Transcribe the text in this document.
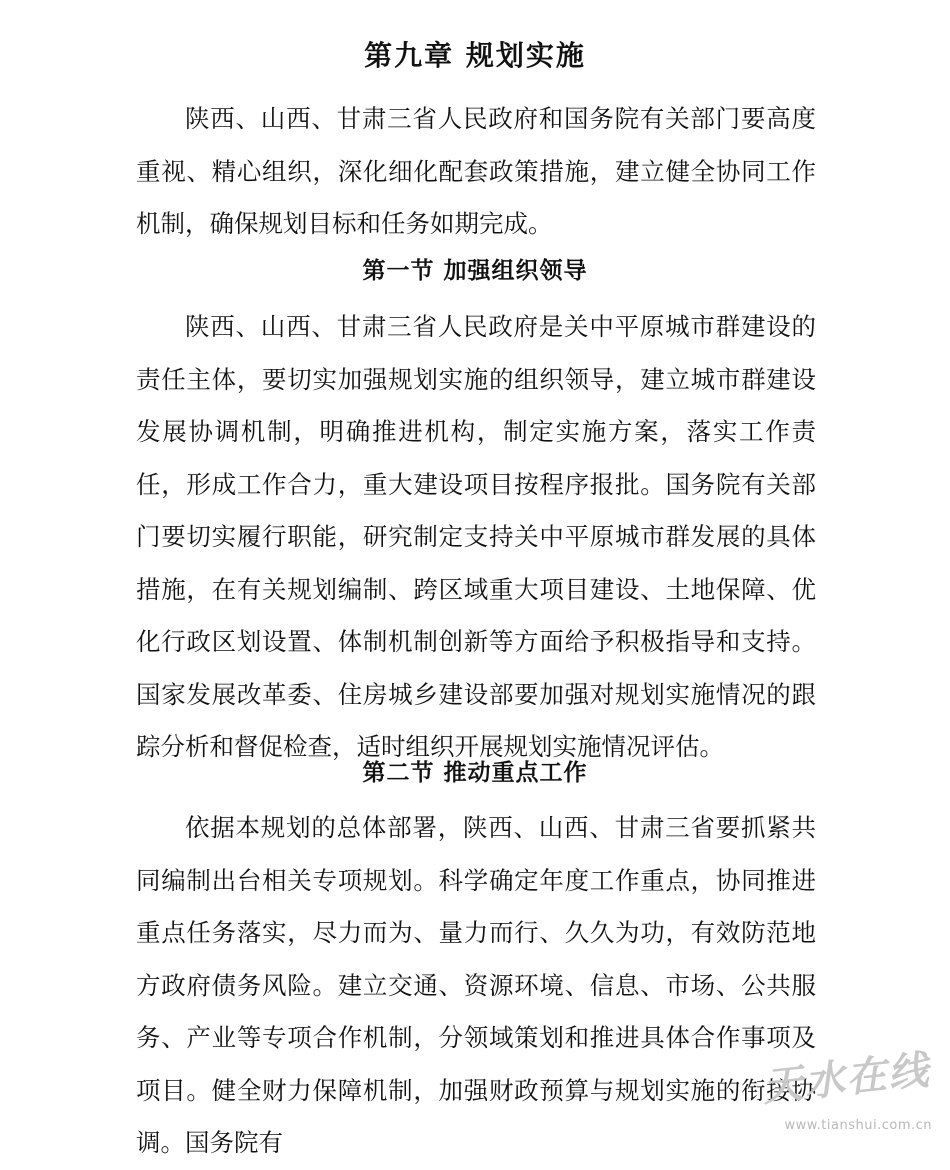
第九章 规划实施

陕西、山西、甘肃三省人民政府和国务院有关部门要高度重视、精心组织，深化细化配套政策措施，建立健全协同工作机制，确保规划目标和任务如期完成。

第一节 加强组织领导

陕西、山西、甘肃三省人民政府是关中平原城市群建设的责任主体，要切实加强规划实施的组织领导，建立城市群建设发展协调机制，明确推进机构，制定实施方案，落实工作责任，形成工作合力，重大建设项目按程序报批。国务院有关部门要切实履行职能，研究制定支持关中平原城市群发展的具体措施，在有关规划编制、跨区域重大项目建设、土地保障、优化行政区划设置、体制机制创新等方面给予积极指导和支持。国家发展改革委、住房城乡建设部要加强对规划实施情况的跟踪分析和督促检查，适时组织开展规划实施情况评估。

第二节 推动重点工作

依据本规划的总体部署，陕西、山西、甘肃三省要抓紧共同编制出台相关专项规划。科学确定年度工作重点，协同推进重点任务落实，尽力而为、量力而行、久久为功，有效防范地方政府债务风险。建立交通、资源环境、信息、市场、公共服务、产业等专项合作机制，分领域策划和推进具体合作事项及项目。健全财力保障机制，加强财政预算与规划实施的衔接协调。国务院有

天水在线
www.tianshui.com.cn
